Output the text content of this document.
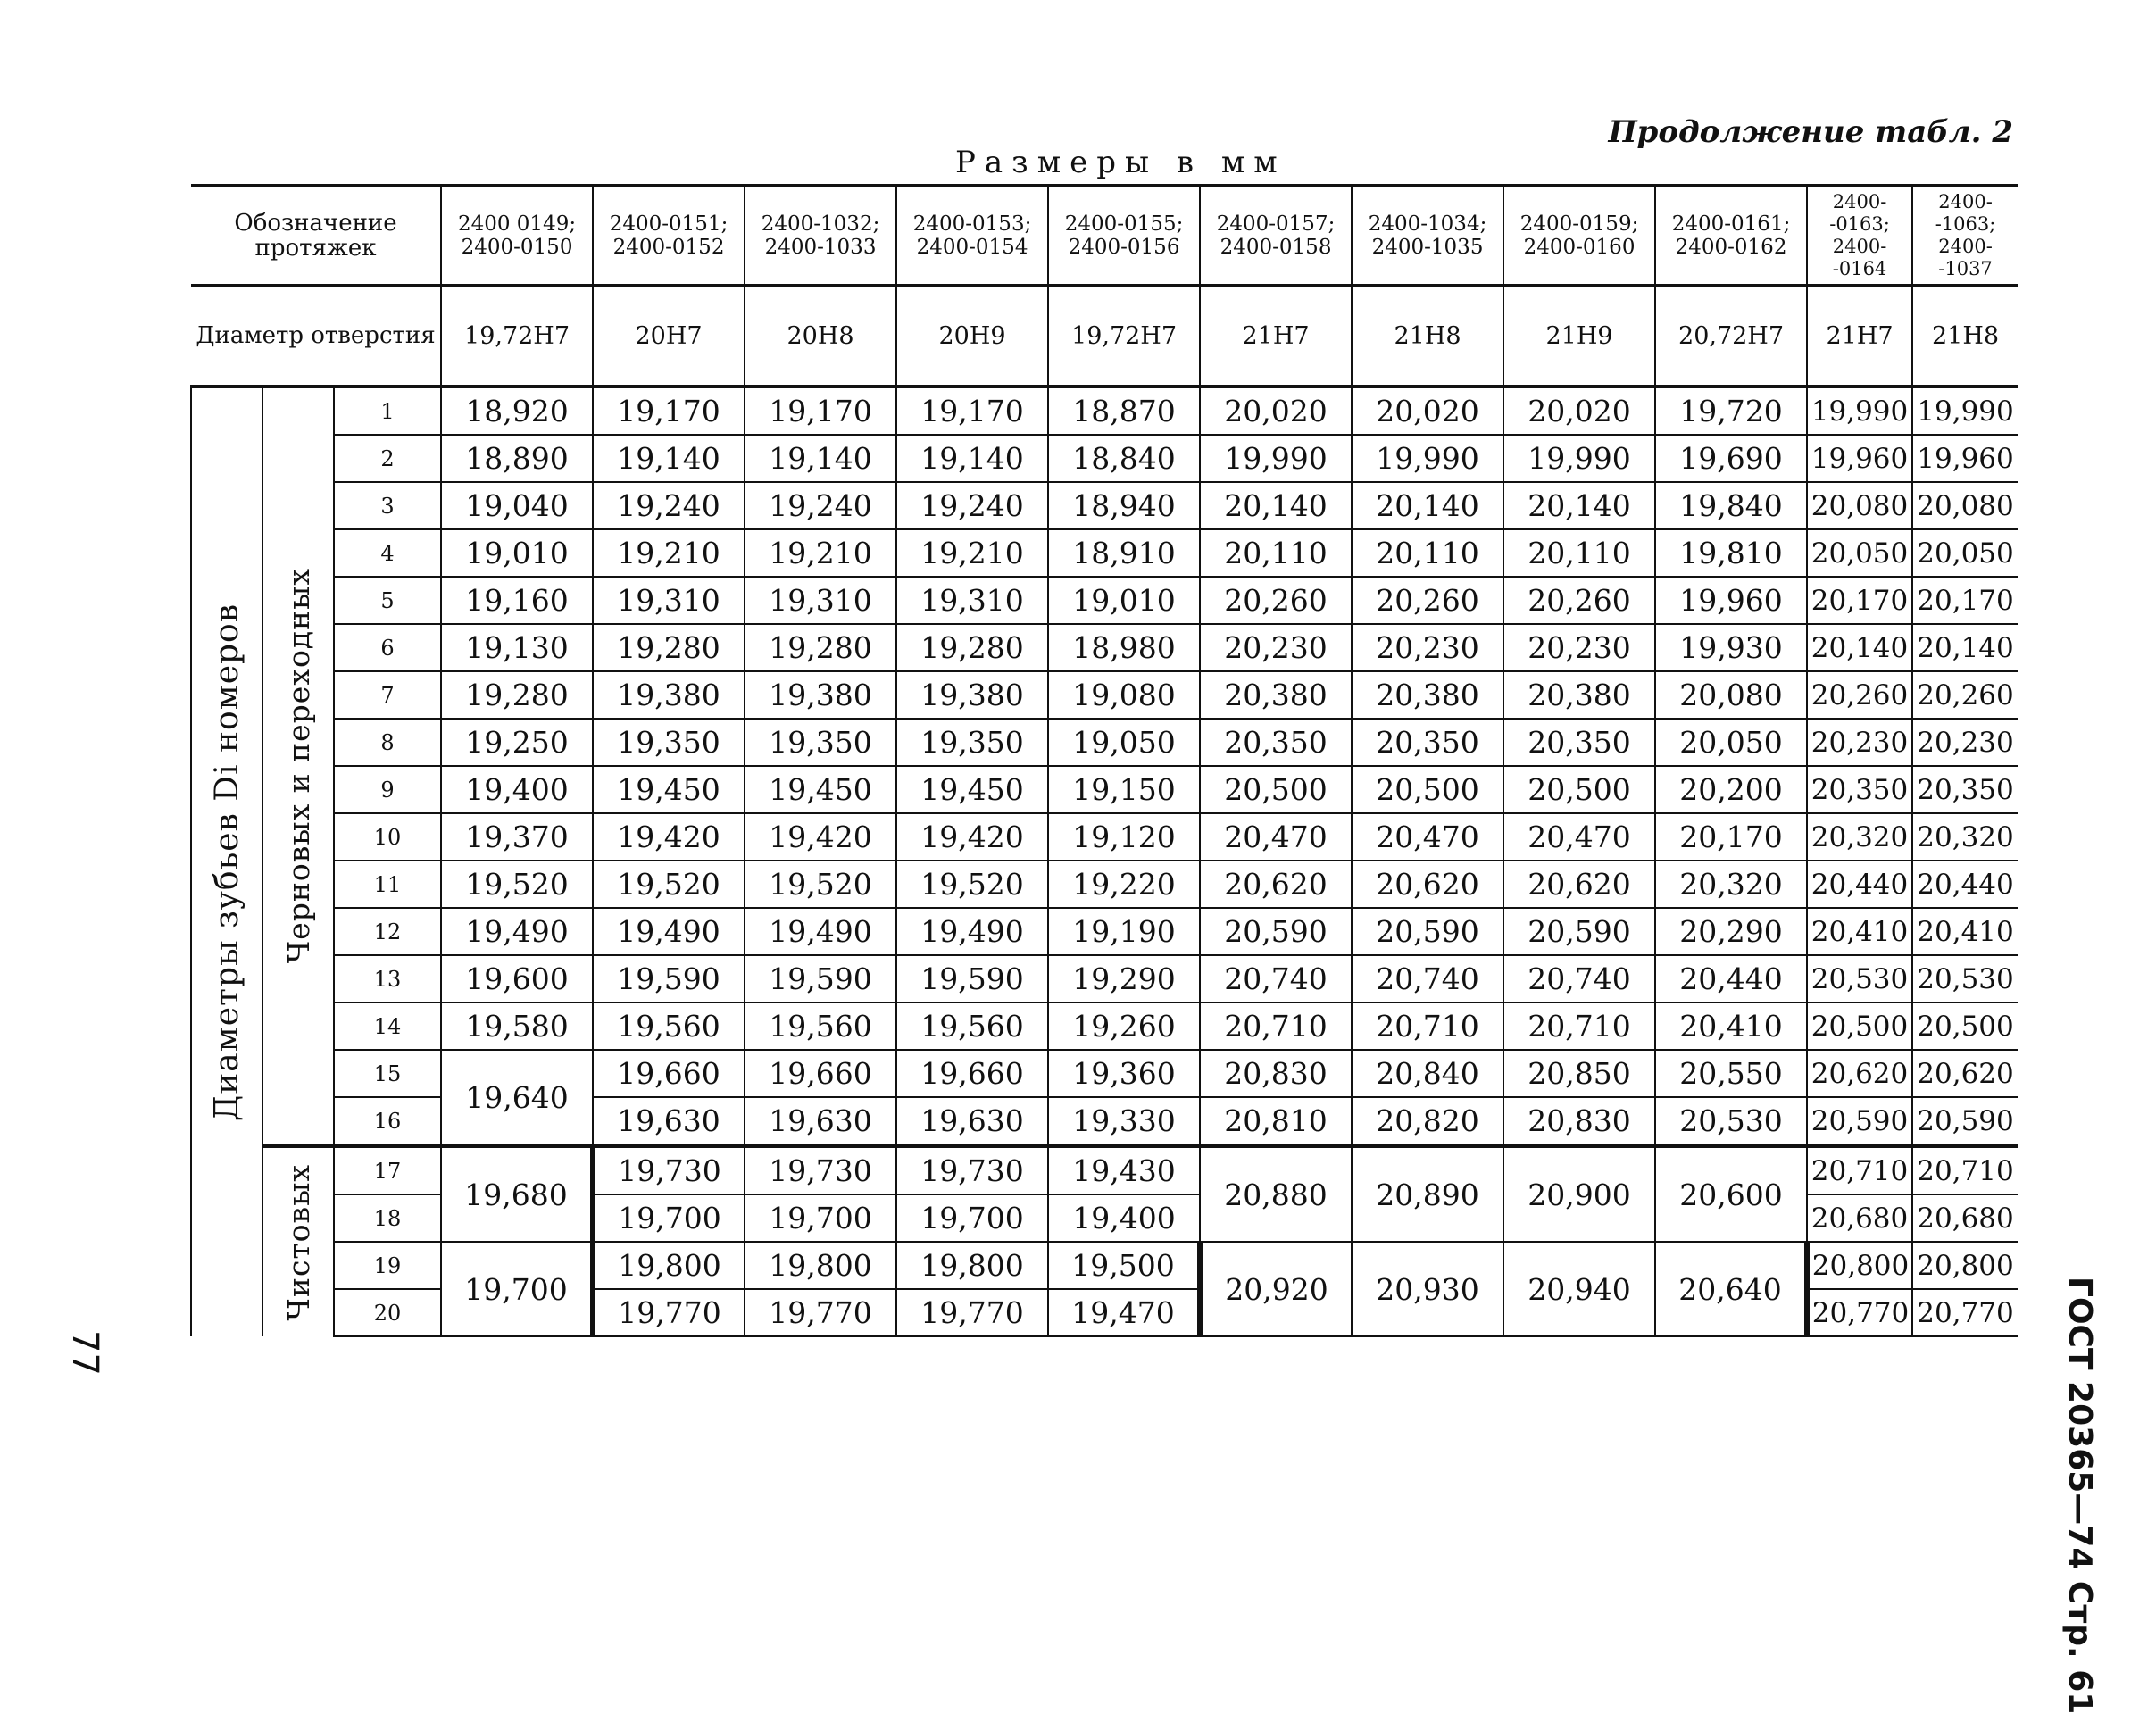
Продолжение табл. 2
Размеры в мм
ГОСТ 20365—74 Стр. 61
77
Обозначение протяжек			2400 0149; 2400-0150	2400-0151; 2400-0152	2400-1032; 2400-1033	2400-0153; 2400-0154	2400-0155; 2400-0156	2400-0157; 2400-0158	2400-1034; 2400-1035	2400-0159; 2400-0160	2400-0161; 2400-0162	2400- -0163; 2400- -0164	2400- -1063; 2400- -1037
Диаметр отверстия			19,72H7	20H7	20H8	20H9	19,72H7	21H7	21H8	21H9	20,72H7	21H7	21H8

Диаметры зубьев Di номеров	Черновых и переходных	1	18,920	19,170	19,170	19,170	18,870	20,020	20,020	20,020	19,720	19,990	19,990
		2	18,890	19,140	19,140	19,140	18,840	19,990	19,990	19,990	19,690	19,960	19,960
		3	19,040	19,240	19,240	19,240	18,940	20,140	20,140	20,140	19,840	20,080	20,080
		4	19,010	19,210	19,210	19,210	18,910	20,110	20,110	20,110	19,810	20,050	20,050
		5	19,160	19,310	19,310	19,310	19,010	20,260	20,260	20,260	19,960	20,170	20,170
		6	19,130	19,280	19,280	19,280	18,980	20,230	20,230	20,230	19,930	20,140	20,140
		7	19,280	19,380	19,380	19,380	19,080	20,380	20,380	20,380	20,080	20,260	20,260
		8	19,250	19,350	19,350	19,350	19,050	20,350	20,350	20,350	20,050	20,230	20,230
		9	19,400	19,450	19,450	19,450	19,150	20,500	20,500	20,500	20,200	20,350	20,350
		10	19,370	19,420	19,420	19,420	19,120	20,470	20,470	20,470	20,170	20,320	20,320
		11	19,520	19,520	19,520	19,520	19,220	20,620	20,620	20,620	20,320	20,440	20,440
		12	19,490	19,490	19,490	19,490	19,190	20,590	20,590	20,590	20,290	20,410	20,410
		13	19,600	19,590	19,590	19,590	19,290	20,740	20,740	20,740	20,440	20,530	20,530
		14	19,580	19,560	19,560	19,560	19,260	20,710	20,710	20,710	20,410	20,500	20,500
		15	19,640	19,660	19,660	19,660	19,360	20,830	20,840	20,850	20,550	20,620	20,620
		16		19,630	19,630	19,630	19,330	20,810	20,820	20,830	20,530	20,590	20,590

	Чистовых	17	19,680	19,730	19,730	19,730	19,430	20,880	20,890	20,900	20,600	20,710	20,710
		18		19,700	19,700	19,700	19,400					20,680	20,680
		19	19,700	19,800	19,800	19,800	19,500	20,920	20,930	20,940	20,640	20,800	20,800
		20		19,770	19,770	19,770	19,470					20,770	20,770
